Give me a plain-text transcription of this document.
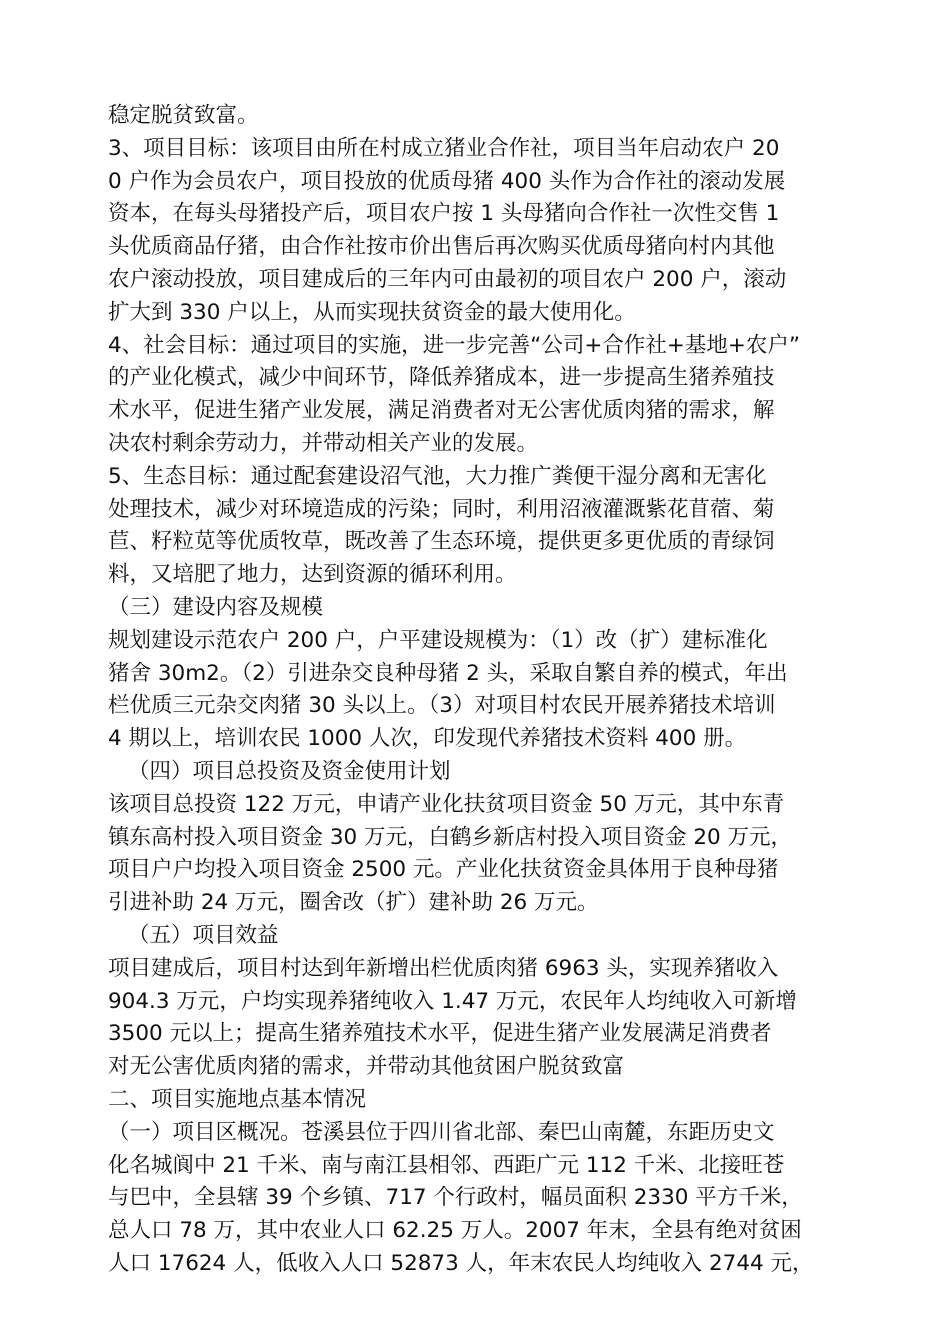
稳定脱贫致富。
3、项目目标：该项目由所在村成立猪业合作社，项目当年启动农户 20
0 户作为会员农户，项目投放的优质母猪 400 头作为合作社的滚动发展
资本，在每头母猪投产后，项目农户按 1 头母猪向合作社一次性交售 1
头优质商品仔猪，由合作社按市价出售后再次购买优质母猪向村内其他
农户滚动投放，项目建成后的三年内可由最初的项目农户 200 户，滚动
扩大到 330 户以上，从而实现扶贫资金的最大使用化。
4、社会目标：通过项目的实施，进一步完善“公司+合作社+基地+农户”
的产业化模式，减少中间环节，降低养猪成本，进一步提高生猪养殖技
术水平，促进生猪产业发展，满足消费者对无公害优质肉猪的需求，解
决农村剩余劳动力，并带动相关产业的发展。
5、生态目标：通过配套建设沼气池，大力推广粪便干湿分离和无害化
处理技术，减少对环境造成的污染；同时，利用沼液灌溉紫花苜蓿、菊
苣、籽粒苋等优质牧草，既改善了生态环境，提供更多更优质的青绿饲
料，又培肥了地力，达到资源的循环利用。
（三）建设内容及规模
规划建设示范农户 200 户，户平建设规模为：（1）改（扩）建标准化
猪舍 30m2。（2）引进杂交良种母猪 2 头，采取自繁自养的模式，年出
栏优质三元杂交肉猪 30 头以上。（3）对项目村农民开展养猪技术培训
4 期以上，培训农民 1000 人次，印发现代养猪技术资料 400 册。
（四）项目总投资及资金使用计划
该项目总投资 122 万元，申请产业化扶贫项目资金 50 万元，其中东青
镇东高村投入项目资金 30 万元，白鹤乡新店村投入项目资金 20 万元，
项目户户均投入项目资金 2500 元。产业化扶贫资金具体用于良种母猪
引进补助 24 万元，圈舍改（扩）建补助 26 万元。
（五）项目效益
项目建成后，项目村达到年新增出栏优质肉猪 6963 头，实现养猪收入
904.3 万元，户均实现养猪纯收入 1.47 万元，农民年人均纯收入可新增
3500 元以上；提高生猪养殖技术水平，促进生猪产业发展满足消费者
对无公害优质肉猪的需求，并带动其他贫困户脱贫致富
二、项目实施地点基本情况
（一）项目区概况。苍溪县位于四川省北部、秦巴山南麓，东距历史文
化名城阆中 21 千米、南与南江县相邻、西距广元 112 千米、北接旺苍
与巴中，全县辖 39 个乡镇、717 个行政村，幅员面积 2330 平方千米，
总人口 78 万，其中农业人口 62.25 万人。2007 年末，全县有绝对贫困
人口 17624 人，低收入人口 52873 人，年末农民人均纯收入 2744 元，
